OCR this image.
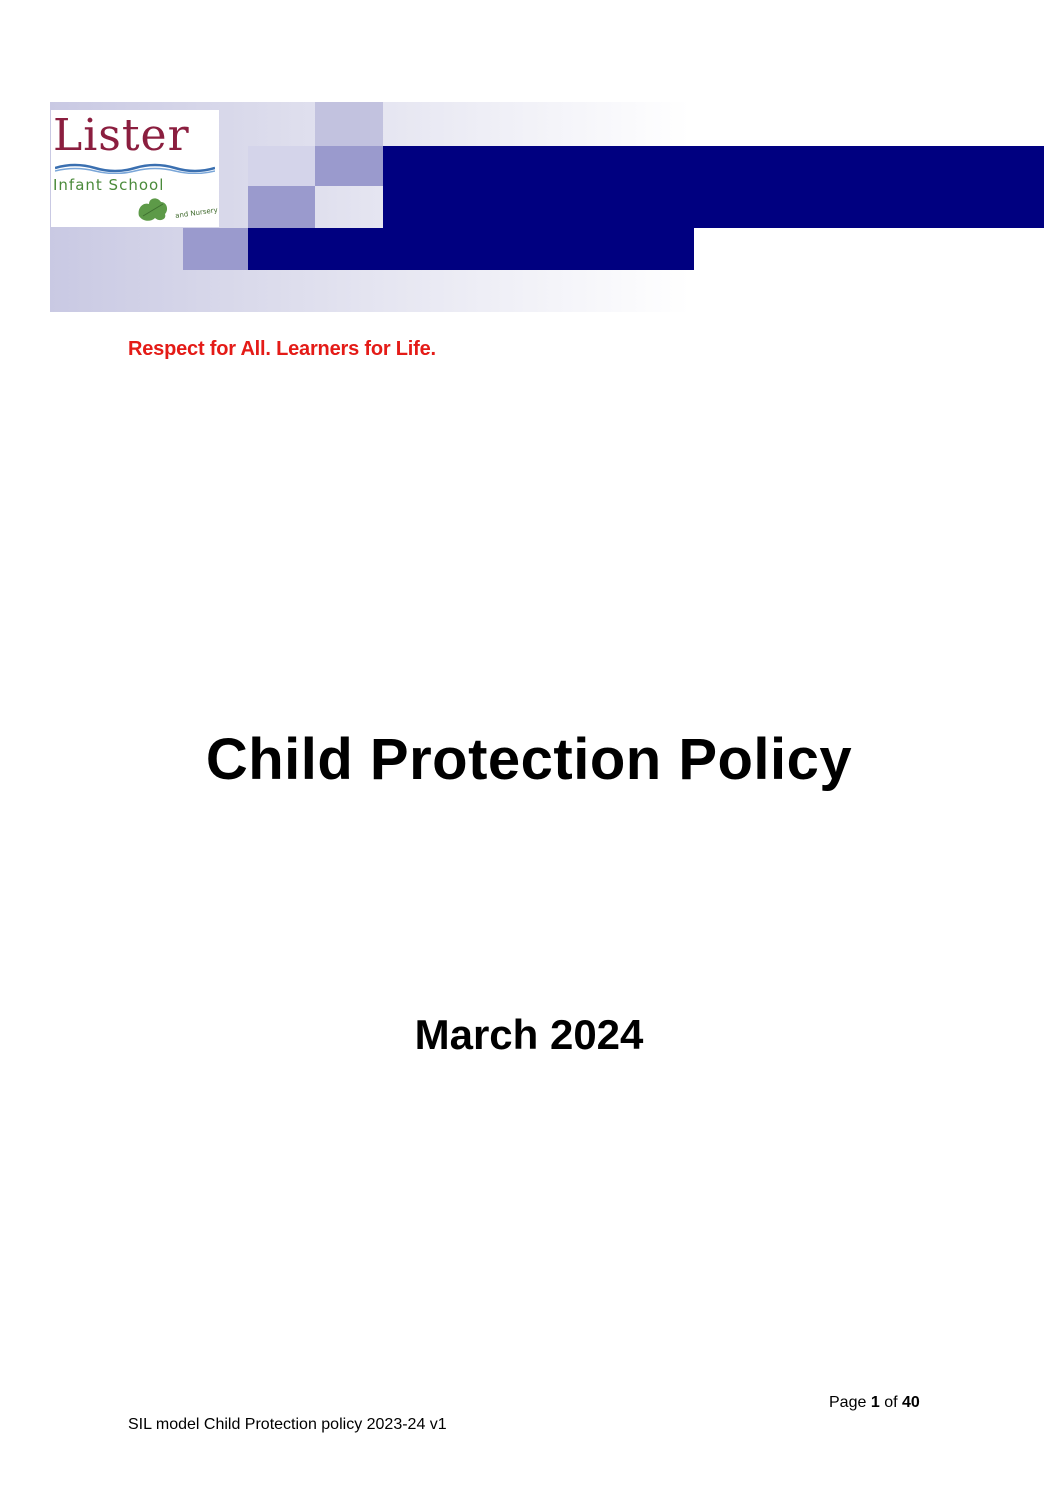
Lister
Infant School
and Nursery
Respect for All. Learners for Life.
Child Protection Policy
March 2024
Page 1 of 40
SIL model Child Protection policy 2023-24 v1
